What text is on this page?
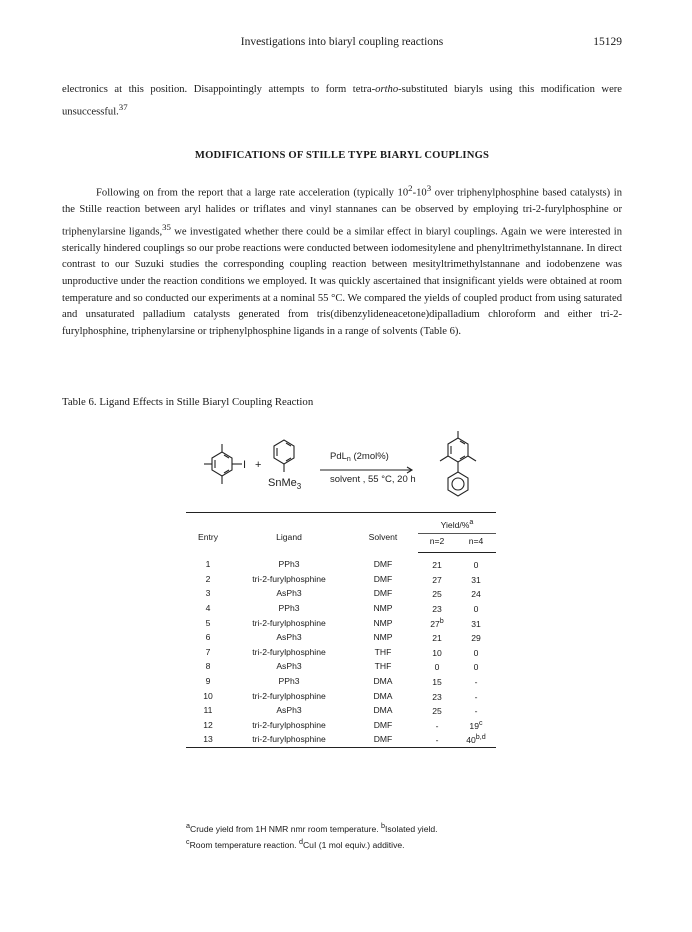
Investigations into biaryl coupling reactions	15129

electronics at this position. Disappointingly attempts to form tetra-ortho-substituted biaryls using this modification were unsuccessful.$^{37}$

MODIFICATIONS OF STILLE TYPE BIARYL COUPLINGS

Following on from the report that a large rate acceleration (typically $10^2-10^3$ over triphenylphosphine based catalysts) in the Stille reaction between aryl halides or triflates and vinyl stannanes can be observed by employing tri-2-furylphosphine or triphenylarsine ligands,$^{35}$ we investigated whether there could be a similar effect in biaryl couplings. Again we were interested in sterically hindered couplings so our probe reactions were conducted between iodomesitylene and phenyltrimethylstannane. In direct contrast to our Suzuki studies the corresponding coupling reaction between mesityltrimethylstannane and iodobenzene was unproductive under the reaction conditions we employed. It was quickly ascertained that insignificant yields were obtained at room temperature and so conducted our experiments at a nominal 55 °C. We compared the yields of coupled product from using saturated and unsaturated palladium catalysts generated from tris(dibenzylideneacetone)dipalladium chloroform and either tri-2-furylphosphine, triphenylarsine or triphenylphosphine ligands in a range of solvents (Table 6).

Table 6. Ligand Effects in Stille Biaryl Coupling Reaction

I +
SnMe$_3$
PdL$_n$ (2mol%)
solvent , 55 °C, 20 h
Entry	Ligand	Solvent	Yield/%$^a$
			n=2	n=4
1	PPh3	DMF	21	0
2	tri-2-furylphosphine	DMF	27	31
3	AsPh3	DMF	25	24
4	PPh3	NMP	23	0
5	tri-2-furylphosphine	NMP	27$^b$	31
6	AsPh3	NMP	21	29
7	tri-2-furylphosphine	THF	10	0
8	AsPh3	THF	0	0
9	PPh3	DMA	15	-
10	tri-2-furylphosphine	DMA	23	-
11	AsPh3	DMA	25	-
12	tri-2-furylphosphine	DMF	-	19$^c$
13	tri-2-furylphosphine	DMF	-	40$^{b,d}$
$^a$Crude yield from 1H NMR nmr room temperature. $^b$Isolated yield.
$^c$Room temperature reaction. $^d$CuI (1 mol equiv.) additive.
